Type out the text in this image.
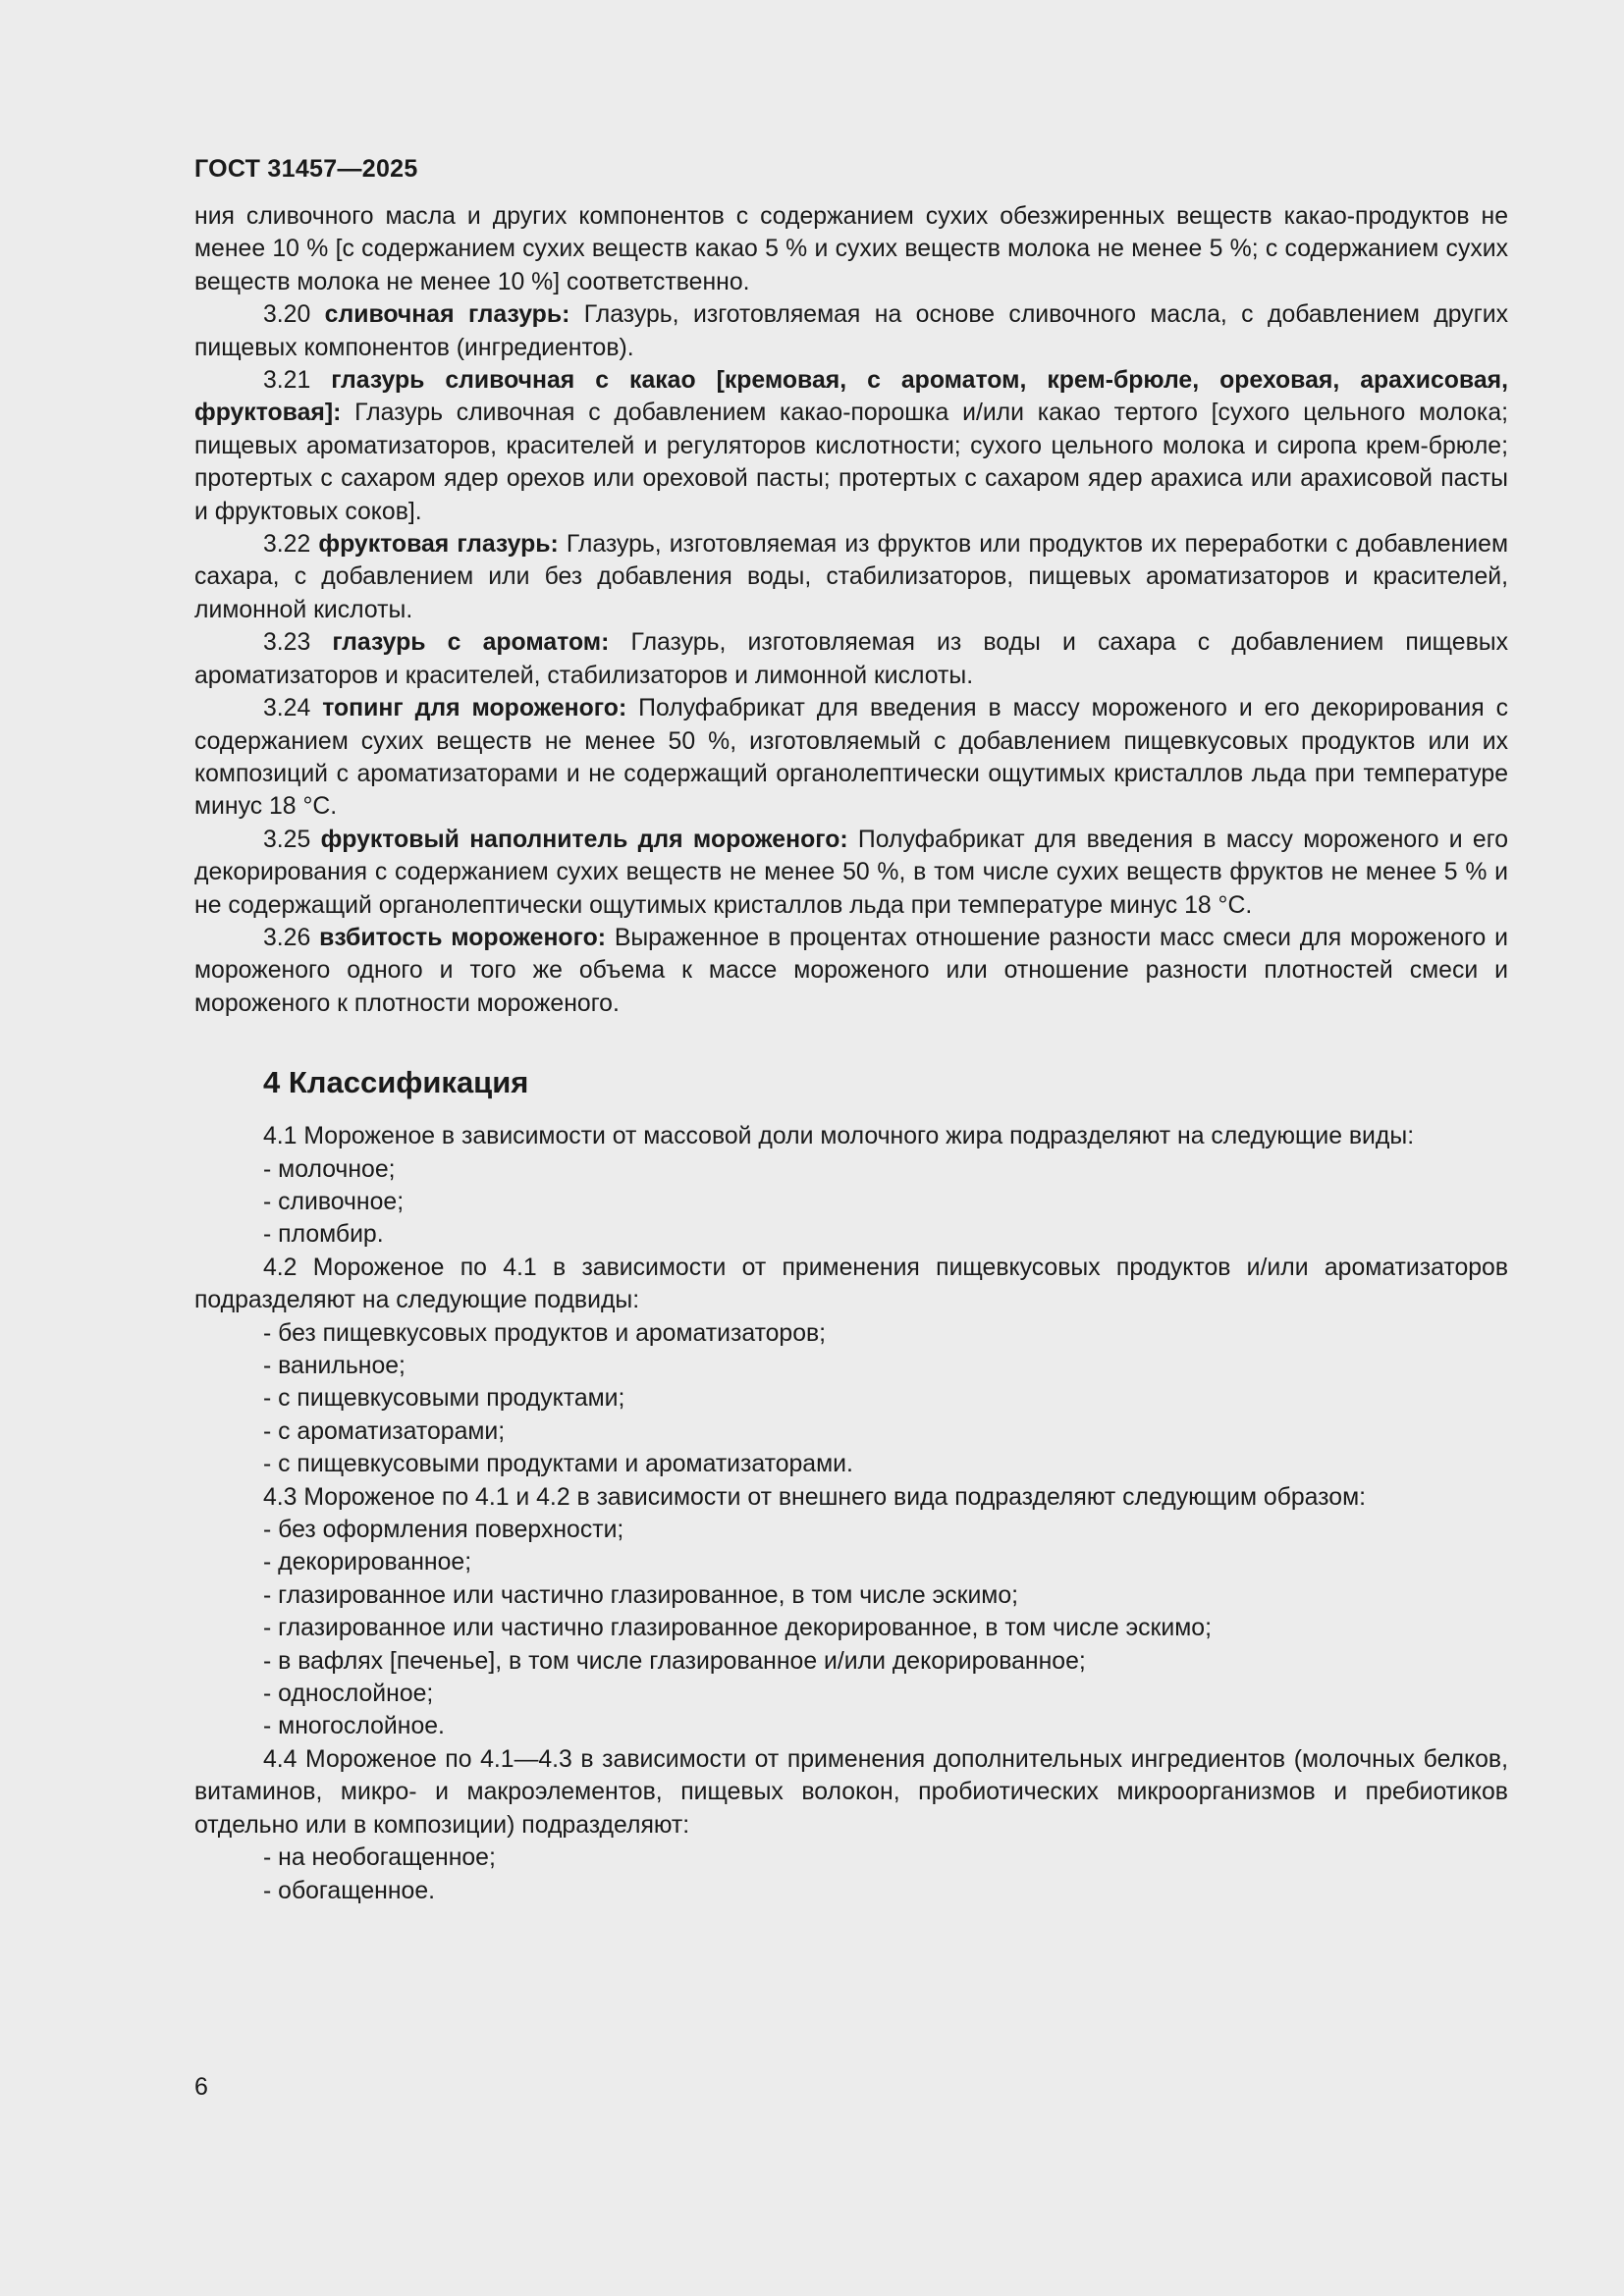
ГОСТ 31457—2025

ния сливочного масла и других компонентов с содержанием сухих обезжиренных веществ какао-продуктов не менее 10 % [с содержанием сухих веществ какао 5 % и сухих веществ молока не менее 5 %; с содержанием сухих веществ молока не менее 10 %] соответственно.

3.20 сливочная глазурь: Глазурь, изготовляемая на основе сливочного масла, с добавлением других пищевых компонентов (ингредиентов).

3.21 глазурь сливочная с какао [кремовая, с ароматом, крем-брюле, ореховая, арахисовая, фруктовая]: Глазурь сливочная с добавлением какао-порошка и/или какао тертого [сухого цельного молока; пищевых ароматизаторов, красителей и регуляторов кислотности; сухого цельного молока и сиропа крем-брюле; протертых с сахаром ядер орехов или ореховой пасты; протертых с сахаром ядер арахиса или арахисовой пасты и фруктовых соков].

3.22 фруктовая глазурь: Глазурь, изготовляемая из фруктов или продуктов их переработки с добавлением сахара, с добавлением или без добавления воды, стабилизаторов, пищевых ароматизаторов и красителей, лимонной кислоты.

3.23 глазурь с ароматом: Глазурь, изготовляемая из воды и сахара с добавлением пищевых ароматизаторов и красителей, стабилизаторов и лимонной кислоты.

3.24 топинг для мороженого: Полуфабрикат для введения в массу мороженого и его декорирования с содержанием сухих веществ не менее 50 %, изготовляемый с добавлением пищевкусовых продуктов или их композиций с ароматизаторами и не содержащий органолептически ощутимых кристаллов льда при температуре минус 18 °С.

3.25 фруктовый наполнитель для мороженого: Полуфабрикат для введения в массу мороженого и его декорирования с содержанием сухих веществ не менее 50 %, в том числе сухих веществ фруктов не менее 5 % и не содержащий органолептически ощутимых кристаллов льда при температуре минус 18 °С.

3.26 взбитость мороженого: Выраженное в процентах отношение разности масс смеси для мороженого и мороженого одного и того же объема к массе мороженого или отношение разности плотностей смеси и мороженого к плотности мороженого.

4 Классификация

4.1 Мороженое в зависимости от массовой доли молочного жира подразделяют на следующие виды:

- молочное;

- сливочное;

- пломбир.

4.2 Мороженое по 4.1 в зависимости от применения пищевкусовых продуктов и/или ароматизаторов подразделяют на следующие подвиды:

- без пищевкусовых продуктов и ароматизаторов;

- ванильное;

- с пищевкусовыми продуктами;

- с ароматизаторами;

- с пищевкусовыми продуктами и ароматизаторами.

4.3 Мороженое по 4.1 и 4.2 в зависимости от внешнего вида подразделяют следующим образом:

- без оформления поверхности;

- декорированное;

- глазированное или частично глазированное, в том числе эскимо;

- глазированное или частично глазированное декорированное, в том числе эскимо;

- в вафлях [печенье], в том числе глазированное и/или декорированное;

- однослойное;

- многослойное.

4.4 Мороженое по 4.1—4.3 в зависимости от применения дополнительных ингредиентов (молочных белков, витаминов, микро- и макроэлементов, пищевых волокон, пробиотических микроорганизмов и пребиотиков отдельно или в композиции) подразделяют:

- на необогащенное;

- обогащенное.

6
